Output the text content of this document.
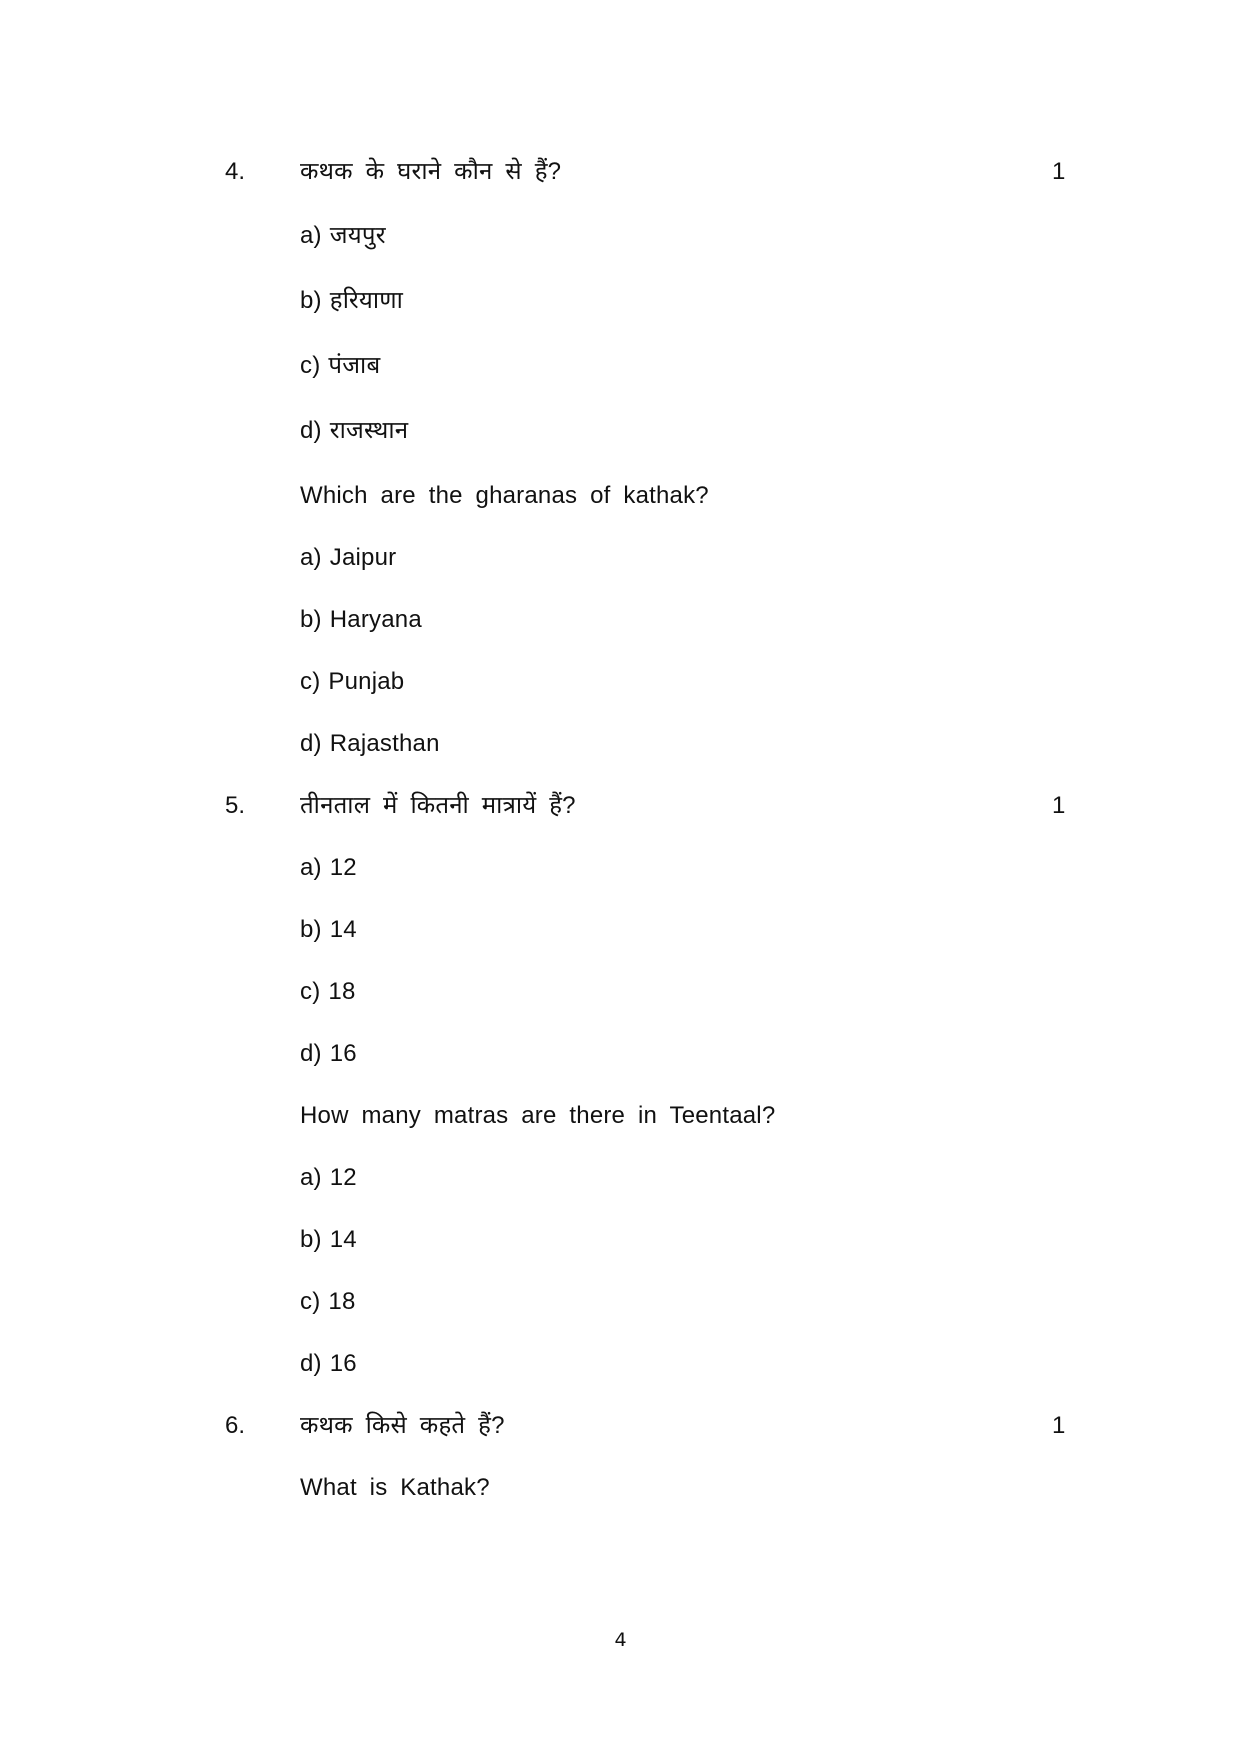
4. कथक के घराने कौन से हैं?	1
a) जयपुर
b) हरियाणा
c) पंजाब
d) राजस्थान
Which are the gharanas of kathak?
a) Jaipur
b) Haryana
c) Punjab
d) Rajasthan
5. तीनताल में कितनी मात्रायें हैं?	1
a) 12
b) 14
c) 18
d) 16
How many matras are there in Teentaal?
a) 12
b) 14
c) 18
d) 16
6. कथक किसे कहते हैं?	1
What is Kathak?
4
